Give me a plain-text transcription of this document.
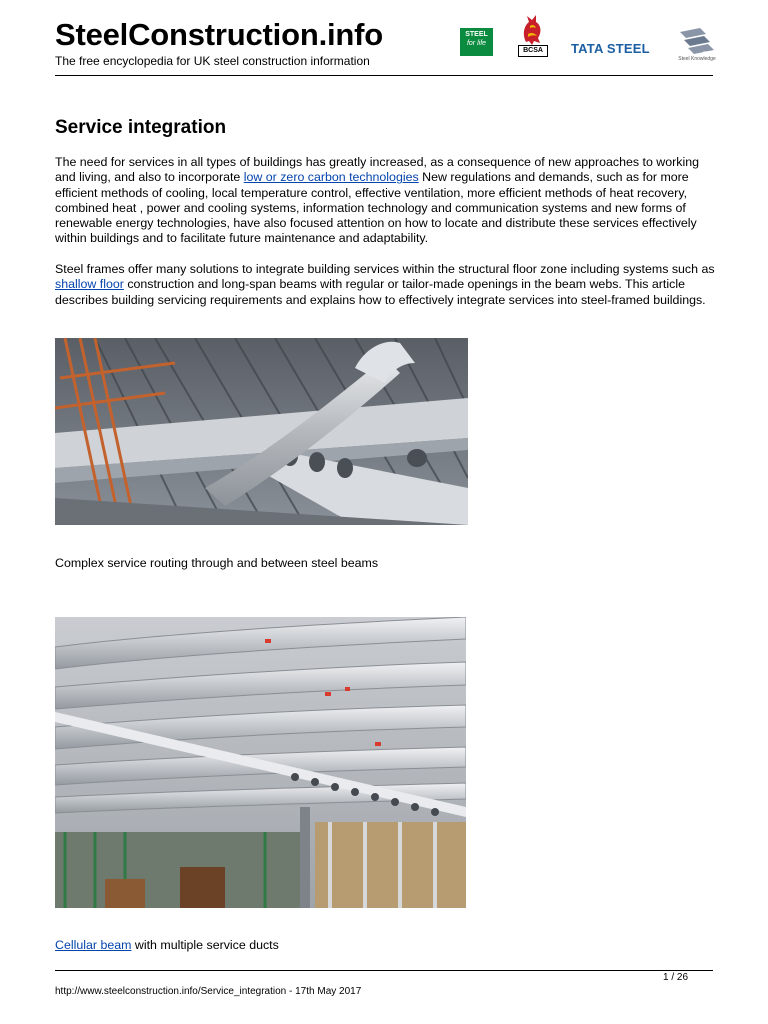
SteelConstruction.info
The free encyclopedia for UK steel construction information
STEEL
for life
BCSA	TATA STEEL	SCI
Steel Knowledge
Service integration

The need for services in all types of buildings has greatly increased, as a consequence of new approaches to working and living, and also to incorporate low or zero carbon technologies New regulations and demands, such as for more efficient methods of cooling, local temperature control, effective ventilation, more efficient methods of heat recovery, combined heat , power and cooling systems, information technology and communication systems and new forms of renewable energy technologies, have also focused attention on how to locate and distribute these services effectively within buildings and to facilitate future maintenance and adaptability.

Steel frames offer many solutions to integrate building services within the structural floor zone including systems such as shallow floor construction and long-span beams with regular or tailor-made openings in the beam webs. This article describes building servicing requirements and explains how to effectively integrate services into steel-framed buildings.

Complex service routing through and between steel beams
Cellular beam with multiple service ducts
1 / 26
http://www.steelconstruction.info/Service_integration - 17th May 2017
